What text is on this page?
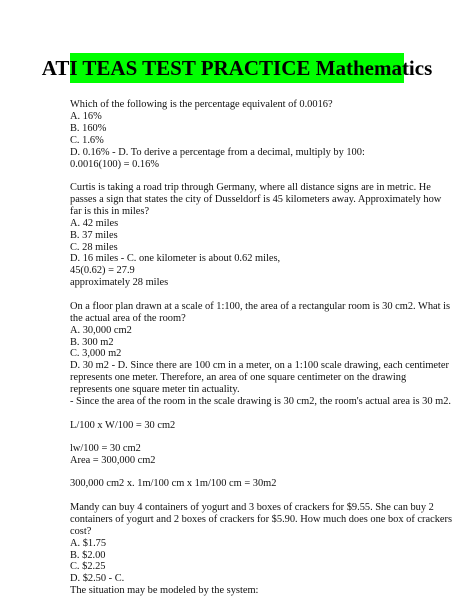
ATI TEAS TEST PRACTICE Mathematics
Which of the following is the percentage equivalent of 0.0016?
A. 16%
B. 160%
C. 1.6%
D. 0.16% - D. To derive a percentage from a decimal, multiply by 100:
0.0016(100) = 0.16%
Curtis is taking a road trip through Germany, where all distance signs are in metric. He
passes a sign that states the city of Dusseldorf is 45 kilometers away. Approximately how
far is this in miles?
A. 42 miles
B. 37 miles
C. 28 miles
D. 16 miles - C. one kilometer is about 0.62 miles,
45(0.62) = 27.9
approximately 28 miles
On a floor plan drawn at a scale of 1:100, the area of a rectangular room is 30 cm2. What is
the actual area of the room?
A. 30,000 cm2
B. 300 m2
C. 3,000 m2
D. 30 m2 - D. Since there are 100 cm in a meter, on a 1:100 scale drawing, each centimeter
represents one meter. Therefore, an area of one square centimeter on the drawing
represents one square meter tin actuality.
- Since the area of the room in the scale drawing is 30 cm2, the room's actual area is 30 m2.
L/100 x W/100 = 30 cm2
lw/100 = 30 cm2
Area = 300,000 cm2
300,000 cm2 x. 1m/100 cm x 1m/100 cm = 30m2
Mandy can buy 4 containers of yogurt and 3 boxes of crackers for $9.55. She can buy 2
containers of yogurt and 2 boxes of crackers for $5.90. How much does one box of crackers
cost?
A. $1.75
B. $2.00
C. $2.25
D. $2.50 - C.
The situation may be modeled by the system:
